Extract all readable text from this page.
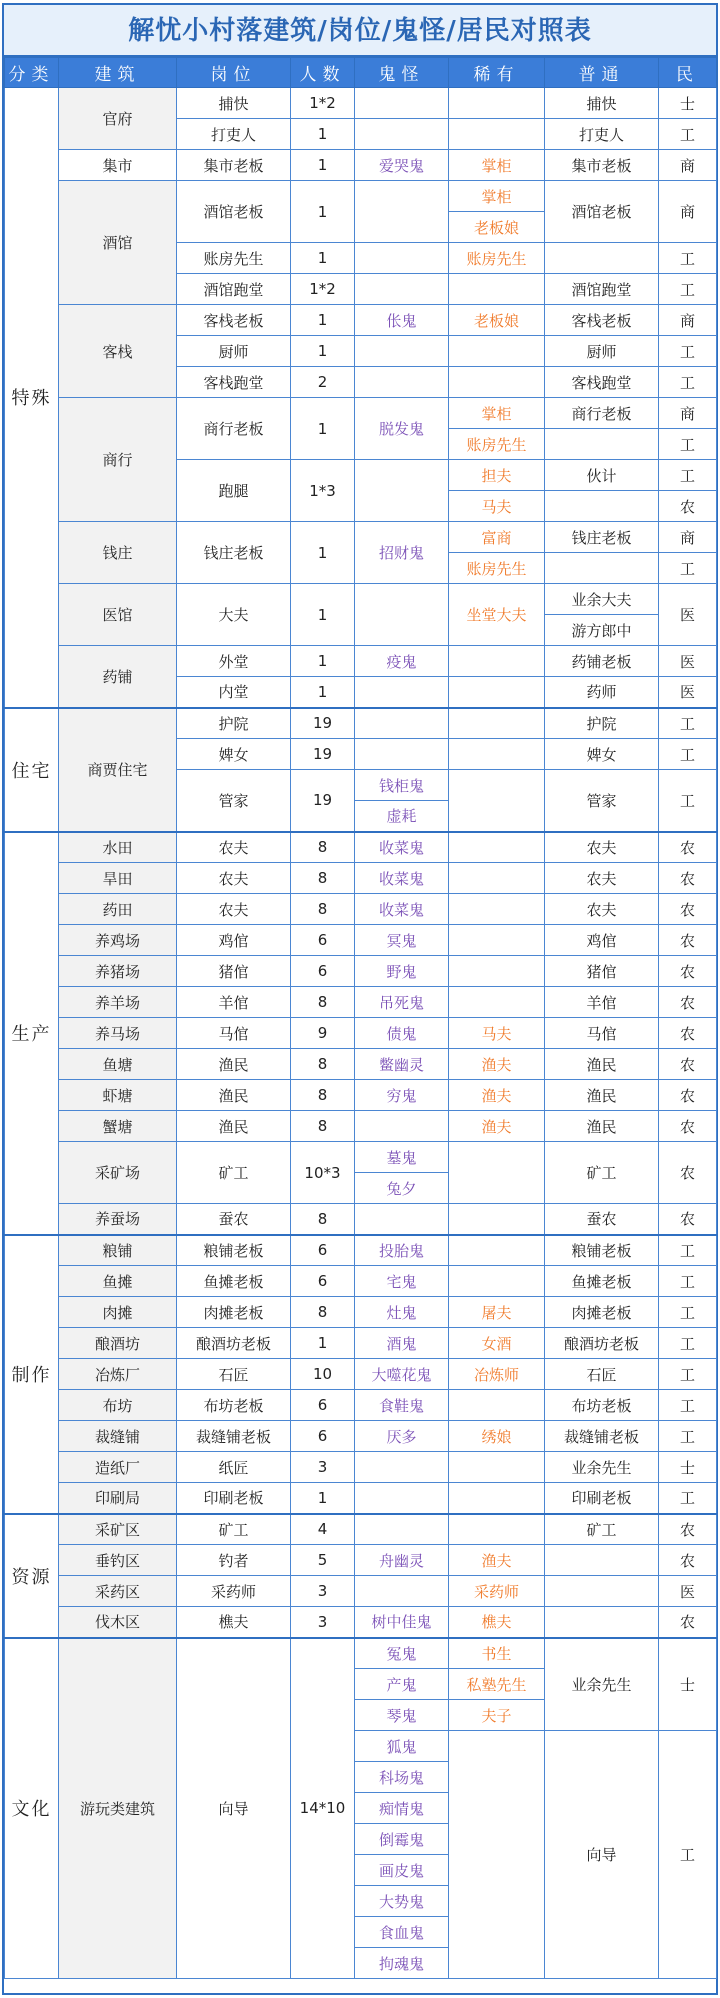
解忧小村落建筑/岗位/鬼怪/居民对照表
分类	建筑	岗位	人数	鬼怪	稀有	普通	民
特殊	官府	捕快	1*2			捕快	士
		打吏人	1			打吏人	工
	集市	集市老板	1	爱哭鬼	掌柜	集市老板	商
	酒馆	酒馆老板	1		掌柜	酒馆老板	商
					老板娘		
		账房先生	1		账房先生		工
		酒馆跑堂	1*2			酒馆跑堂	工
	客栈	客栈老板	1	伥鬼	老板娘	客栈老板	商
		厨师	1			厨师	工
		客栈跑堂	2			客栈跑堂	工
	商行	商行老板	1	脱发鬼	掌柜	商行老板	商
					账房先生		工
		跑腿	1*3		担夫	伙计	工
					马夫		农
	钱庄	钱庄老板	1	招财鬼	富商	钱庄老板	商
					账房先生		工
	医馆	大夫	1		坐堂大夫	业余大夫	医
						游方郎中	
	药铺	外堂	1	疫鬼		药铺老板	医
		内堂	1			药师	医
住宅	商贾住宅	护院	19			护院	工
		婢女	19			婢女	工
		管家	19	钱柜鬼		管家	工
				虚耗			
生产	水田	农夫	8	收菜鬼		农夫	农
	旱田	农夫	8	收菜鬼		农夫	农
	药田	农夫	8	收菜鬼		农夫	农
	养鸡场	鸡倌	6	冥鬼		鸡倌	农
	养猪场	猪倌	6	野鬼		猪倌	农
	养羊场	羊倌	8	吊死鬼		羊倌	农
	养马场	马倌	9	债鬼	马夫	马倌	农
	鱼塘	渔民	8	鳖幽灵	渔夫	渔民	农
	虾塘	渔民	8	穷鬼	渔夫	渔民	农
	蟹塘	渔民	8		渔夫	渔民	农
	采矿场	矿工	10*3	墓鬼		矿工	农
				兔夕			
	养蚕场	蚕农	8			蚕农	农
制作	粮铺	粮铺老板	6	投胎鬼		粮铺老板	工
	鱼摊	鱼摊老板	6	宅鬼		鱼摊老板	工
	肉摊	肉摊老板	8	灶鬼	屠夫	肉摊老板	工
	酿酒坊	酿酒坊老板	1	酒鬼	女酒	酿酒坊老板	工
	冶炼厂	石匠	10	大噬花鬼	冶炼师	石匠	工
	布坊	布坊老板	6	食鞋鬼		布坊老板	工
	裁缝铺	裁缝铺老板	6	厌多	绣娘	裁缝铺老板	工
	造纸厂	纸匠	3			业余先生	士
	印刷局	印刷老板	1			印刷老板	工
资源	采矿区	矿工	4			矿工	农
	垂钓区	钓者	5	舟幽灵	渔夫		农
	采药区	采药师	3		采药师		医
	伐木区	樵夫	3	树中佳鬼	樵夫		农
文化	游玩类建筑	向导	14*10	冤鬼	书生	业余先生	士
				产鬼	私塾先生		
				琴鬼	夫子		
				狐鬼		向导	工
				科场鬼			
				痴情鬼			
				倒霉鬼			
				画皮鬼			
				大势鬼			
				食血鬼			
				拘魂鬼			
